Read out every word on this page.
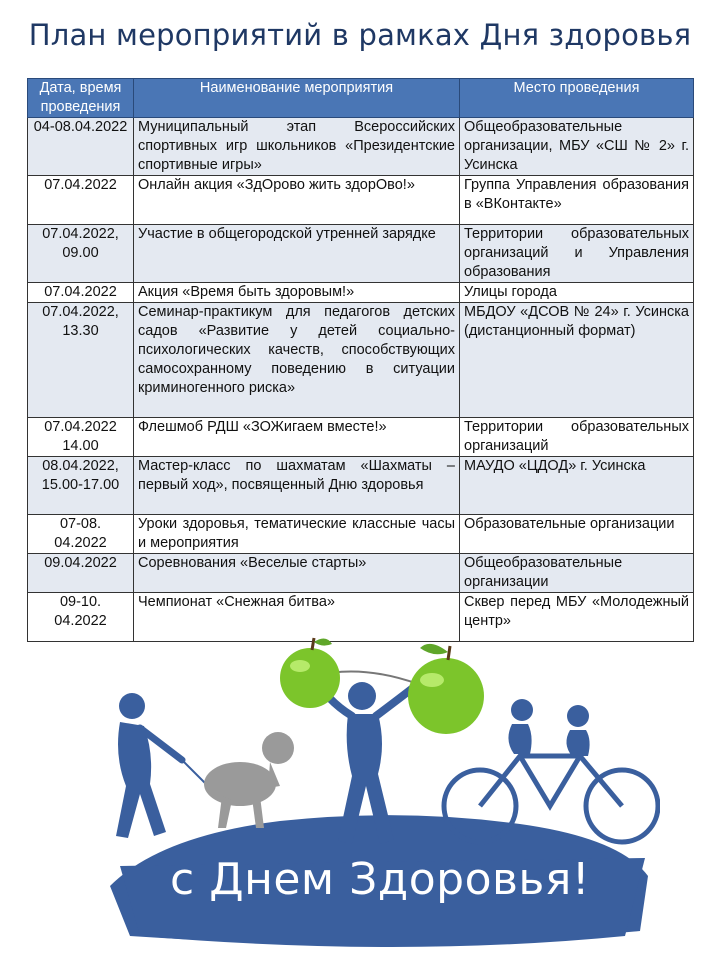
План мероприятий в рамках Дня здоровья
Дата, время проведения	Наименование мероприятия	Место проведения
04-08.04.2022	Муниципальный этап Всероссийских спортивных игр школьников «Президентские спортивные игры»	Общеобразовательные организации, МБУ «СШ № 2» г. Усинска
07.04.2022	Онлайн акция «ЗдОрово жить здорОво!»	Группа Управления образования в «ВКонтакте»
07.04.2022, 09.00	Участие в общегородской утренней зарядке	Территории образовательных организаций и Управления образования
07.04.2022	Акция «Время быть здоровым!»	Улицы города
07.04.2022, 13.30	Семинар-практикум для педагогов детских садов «Развитие у детей социально-психологических качеств, способствующих самосохранному поведению в ситуации криминогенного риска»	МБДОУ «ДСОВ № 24» г. Усинска (дистанционный формат)
07.04.2022 14.00	Флешмоб РДШ «ЗОЖигаем вместе!»	Территории образовательных организаций
08.04.2022, 15.00-17.00	Мастер-класс по шахматам «Шахматы – первый ход», посвященный Дню здоровья	МАУДО «ЦДОД» г. Усинска
07-08. 04.2022	Уроки здоровья, тематические классные часы и мероприятия	Образовательные организации
09.04.2022	Соревнования «Веселые старты»	Общеобразовательные организации
09-10. 04.2022	Чемпионат «Снежная битва»	Сквер перед МБУ «Молодежный центр»
с Днем Здоровья!
